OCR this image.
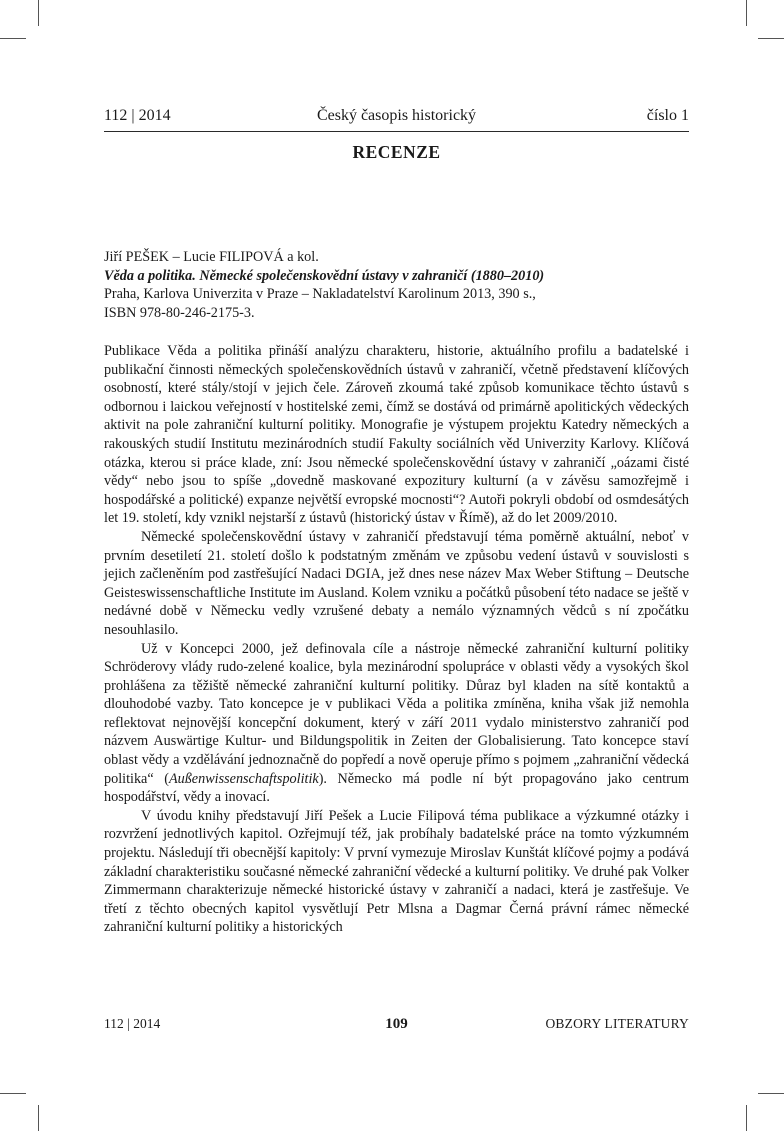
112 | 2014	Český časopis historický	číslo 1
RECENZE
Jiří PEŠEK – Lucie FILIPOVÁ a kol.
Věda a politika. Německé společenskovědní ústavy v zahraničí (1880–2010)
Praha, Karlova Univerzita v Praze – Nakladatelství Karolinum 2013, 390 s.,
ISBN 978-80-246-2175-3.

Publikace Věda a politika přináší analýzu charakteru, historie, aktuálního profilu a badatelské i publikační činnosti německých společenskovědních ústavů v zahraničí, včetně představení klíčových osobností, které stály/stojí v jejich čele. Zároveň zkoumá také způsob komunikace těchto ústavů s odbornou i laickou veřejností v hostitelské zemi, čímž se dostává od primárně apolitických vědeckých aktivit na pole zahraniční kulturní politiky. Monografie je výstupem projektu Katedry německých a rakouských studií Institutu mezinárodních studií Fakulty sociálních věd Univerzity Karlovy. Klíčová otázka, kterou si práce klade, zní: Jsou německé společenskovědní ústavy v zahraničí „oázami čisté vědy“ nebo jsou to spíše „dovedně maskované expozitury kulturní (a v závěsu samozřejmě i hospodářské a politické) expanze největší evropské mocnosti“? Autoři pokryli období od osmdesátých let 19. století, kdy vznikl nejstarší z ústavů (historický ústav v Římě), až do let 2009/2010.

Německé společenskovědní ústavy v zahraničí představují téma poměrně aktuální, neboť v prvním desetiletí 21. století došlo k podstatným změnám ve způsobu vedení ústavů v souvislosti s jejich začleněním pod zastřešující Nadaci DGIA, jež dnes nese název Max Weber Stiftung – Deutsche Geisteswissenschaftliche Institute im Ausland. Kolem vzniku a počátků působení této nadace se ještě v nedávné době v Německu vedly vzrušené debaty a nemálo významných vědců s ní zpočátku nesouhlasilo.

Už v Koncepci 2000, jež definovala cíle a nástroje německé zahraniční kulturní politiky Schröderovy vlády rudo-zelené koalice, byla mezinárodní spolupráce v oblasti vědy a vysokých škol prohlášena za těžiště německé zahraniční kulturní politiky. Důraz byl kladen na sítě kontaktů a dlouhodobé vazby. Tato koncepce je v publikaci Věda a politika zmíněna, kniha však již nemohla reflektovat nejnovější koncepční dokument, který v září 2011 vydalo ministerstvo zahraničí pod názvem Auswärtige Kultur- und Bildungspolitik in Zeiten der Globalisierung. Tato koncepce staví oblast vědy a vzdělávání jednoznačně do popředí a nově operuje přímo s pojmem „zahraniční vědecká politika“ (Außenwissenschaftspolitik). Německo má podle ní být propagováno jako centrum hospodářství, vědy a inovací.

V úvodu knihy představují Jiří Pešek a Lucie Filipová téma publikace a výzkumné otázky i rozvržení jednotlivých kapitol. Ozřejmují též, jak probíhaly badatelské práce na tomto výzkumném projektu. Následují tři obecnější kapitoly: V první vymezuje Miroslav Kunštát klíčové pojmy a podává základní charakteristiku současné německé zahraniční vědecké a kulturní politiky. Ve druhé pak Volker Zimmermann charakterizuje německé historické ústavy v zahraničí a nadaci, která je zastřešuje. Ve třetí z těchto obecných kapitol vysvětlují Petr Mlsna a Dagmar Černá právní rámec německé zahraniční kulturní politiky a historických

112 | 2014	109	OBZORY LITERATURY
